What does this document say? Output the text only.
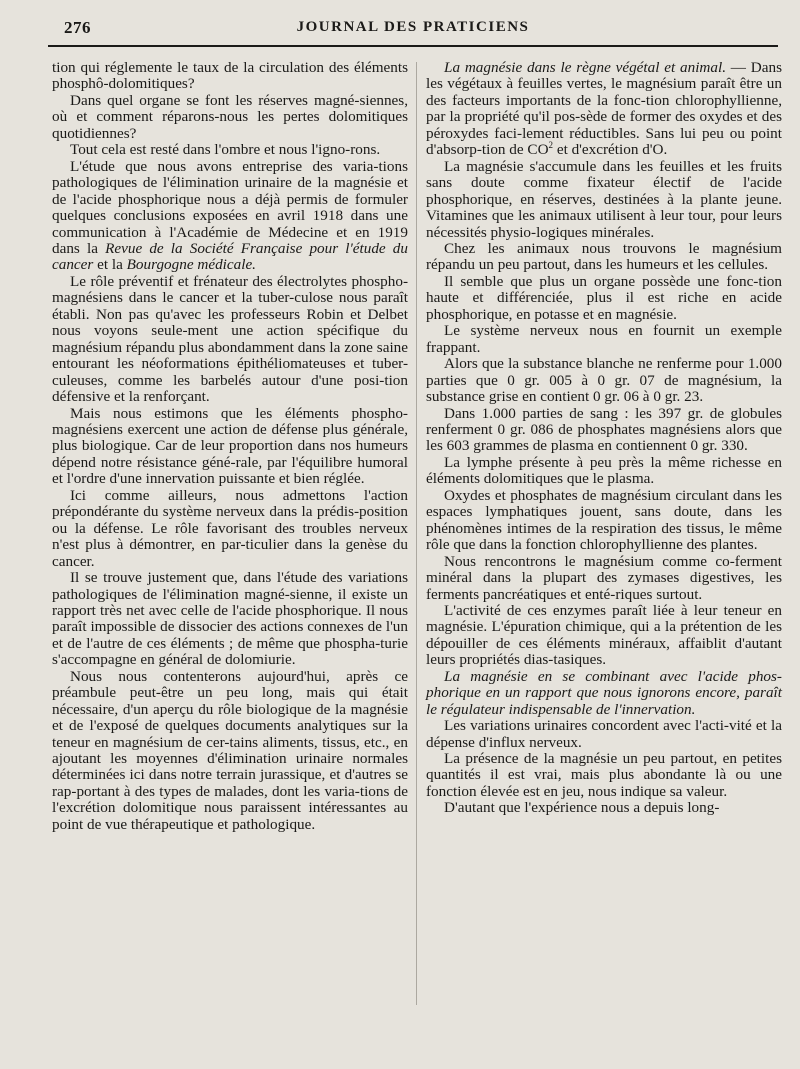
276	JOURNAL DES PRATICIENS

tion qui réglemente le taux de la circulation des éléments phosphô-dolomitiques?

Dans quel organe se font les réserves magné-siennes, où et comment réparons-nous les pertes dolomitiques quotidiennes?

Tout cela est resté dans l'ombre et nous l'igno-rons.

L'étude que nous avons entreprise des varia-tions pathologiques de l'élimination urinaire de la magnésie et de l'acide phosphorique nous a déjà permis de formuler quelques conclusions exposées en avril 1918 dans une communication à l'Académie de Médecine et en 1919 dans la Revue de la Société Française pour l'étude du cancer et la Bourgogne médicale.

Le rôle préventif et frénateur des électrolytes phospho-magnésiens dans le cancer et la tuber-culose nous paraît établi. Non pas qu'avec les professeurs Robin et Delbet nous voyons seule-ment une action spécifique du magnésium répandu plus abondamment dans la zone saine entourant les néoformations épithéliomateuses et tuber-culeuses, comme les barbelés autour d'une posi-tion défensive et la renforçant.

Mais nous estimons que les éléments phospho-magnésiens exercent une action de défense plus générale, plus biologique. Car de leur proportion dans nos humeurs dépend notre résistance géné-rale, par l'équilibre humoral et l'ordre d'une innervation puissante et bien réglée.

Ici comme ailleurs, nous admettons l'action prépondérante du système nerveux dans la prédis-position ou la défense. Le rôle favorisant des troubles nerveux n'est plus à démontrer, en par-ticulier dans la genèse du cancer.

Il se trouve justement que, dans l'étude des variations pathologiques de l'élimination magné-sienne, il existe un rapport très net avec celle de l'acide phosphorique. Il nous paraît impossible de dissocier des actions connexes de l'un et de l'autre de ces éléments ; de même que phospha-turie s'accompagne en général de dolomiurie.

Nous nous contenterons aujourd'hui, après ce préambule peut-être un peu long, mais qui était nécessaire, d'un aperçu du rôle biologique de la magnésie et de l'exposé de quelques documents analytiques sur la teneur en magnésium de cer-tains aliments, tissus, etc., en ajoutant les moyennes d'élimination urinaire normales déterminées ici dans notre terrain jurassique, et d'autres se rap-portant à des types de malades, dont les varia-tions de l'excrétion dolomitique nous paraissent intéressantes au point de vue thérapeutique et pathologique.

La magnésie dans le règne végétal et animal. — Dans les végétaux à feuilles vertes, le magnésium paraît être un des facteurs importants de la fonc-tion chlorophyllienne, par la propriété qu'il pos-sède de former des oxydes et des péroxydes faci-lement réductibles. Sans lui peu ou point d'absorp-tion de $CO^2$ et d'excrétion d'O.

La magnésie s'accumule dans les feuilles et les fruits sans doute comme fixateur électif de l'acide phosphorique, en réserves, destinées à la plante jeune. Vitamines que les animaux utilisent à leur tour, pour leurs nécessités physio-logiques minérales.

Chez les animaux nous trouvons le magnésium répandu un peu partout, dans les humeurs et les cellules.

Il semble que plus un organe possède une fonc-tion haute et différenciée, plus il est riche en acide phosphorique, en potasse et en magnésie.

Le système nerveux nous en fournit un exemple frappant.

Alors que la substance blanche ne renferme pour 1.000 parties que 0 gr. 005 à 0 gr. 07 de magnésium, la substance grise en contient 0 gr. 06 à 0 gr. 23.

Dans 1.000 parties de sang : les 397 gr. de globules renferment 0 gr. 086 de phosphates magnésiens alors que les 603 grammes de plasma en contiennent 0 gr. 330.

La lymphe présente à peu près la même richesse en éléments dolomitiques que le plasma.

Oxydes et phosphates de magnésium circulant dans les espaces lymphatiques jouent, sans doute, dans les phénomènes intimes de la respiration des tissus, le même rôle que dans la fonction chlorophyllienne des plantes.

Nous rencontrons le magnésium comme co-ferment minéral dans la plupart des zymases digestives, les ferments pancréatiques et enté-riques surtout.

L'activité de ces enzymes paraît liée à leur teneur en magnésie. L'épuration chimique, qui a la prétention de les dépouiller de ces éléments minéraux, affaiblit d'autant leurs propriétés dias-tasiques.

La magnésie en se combinant avec l'acide phos-phorique en un rapport que nous ignorons encore, paraît le régulateur indispensable de l'innervation.

Les variations urinaires concordent avec l'acti-vité et la dépense d'influx nerveux.

La présence de la magnésie un peu partout, en petites quantités il est vrai, mais plus abondante là ou une fonction élevée est en jeu, nous indique sa valeur.

D'autant que l'expérience nous a depuis long-
